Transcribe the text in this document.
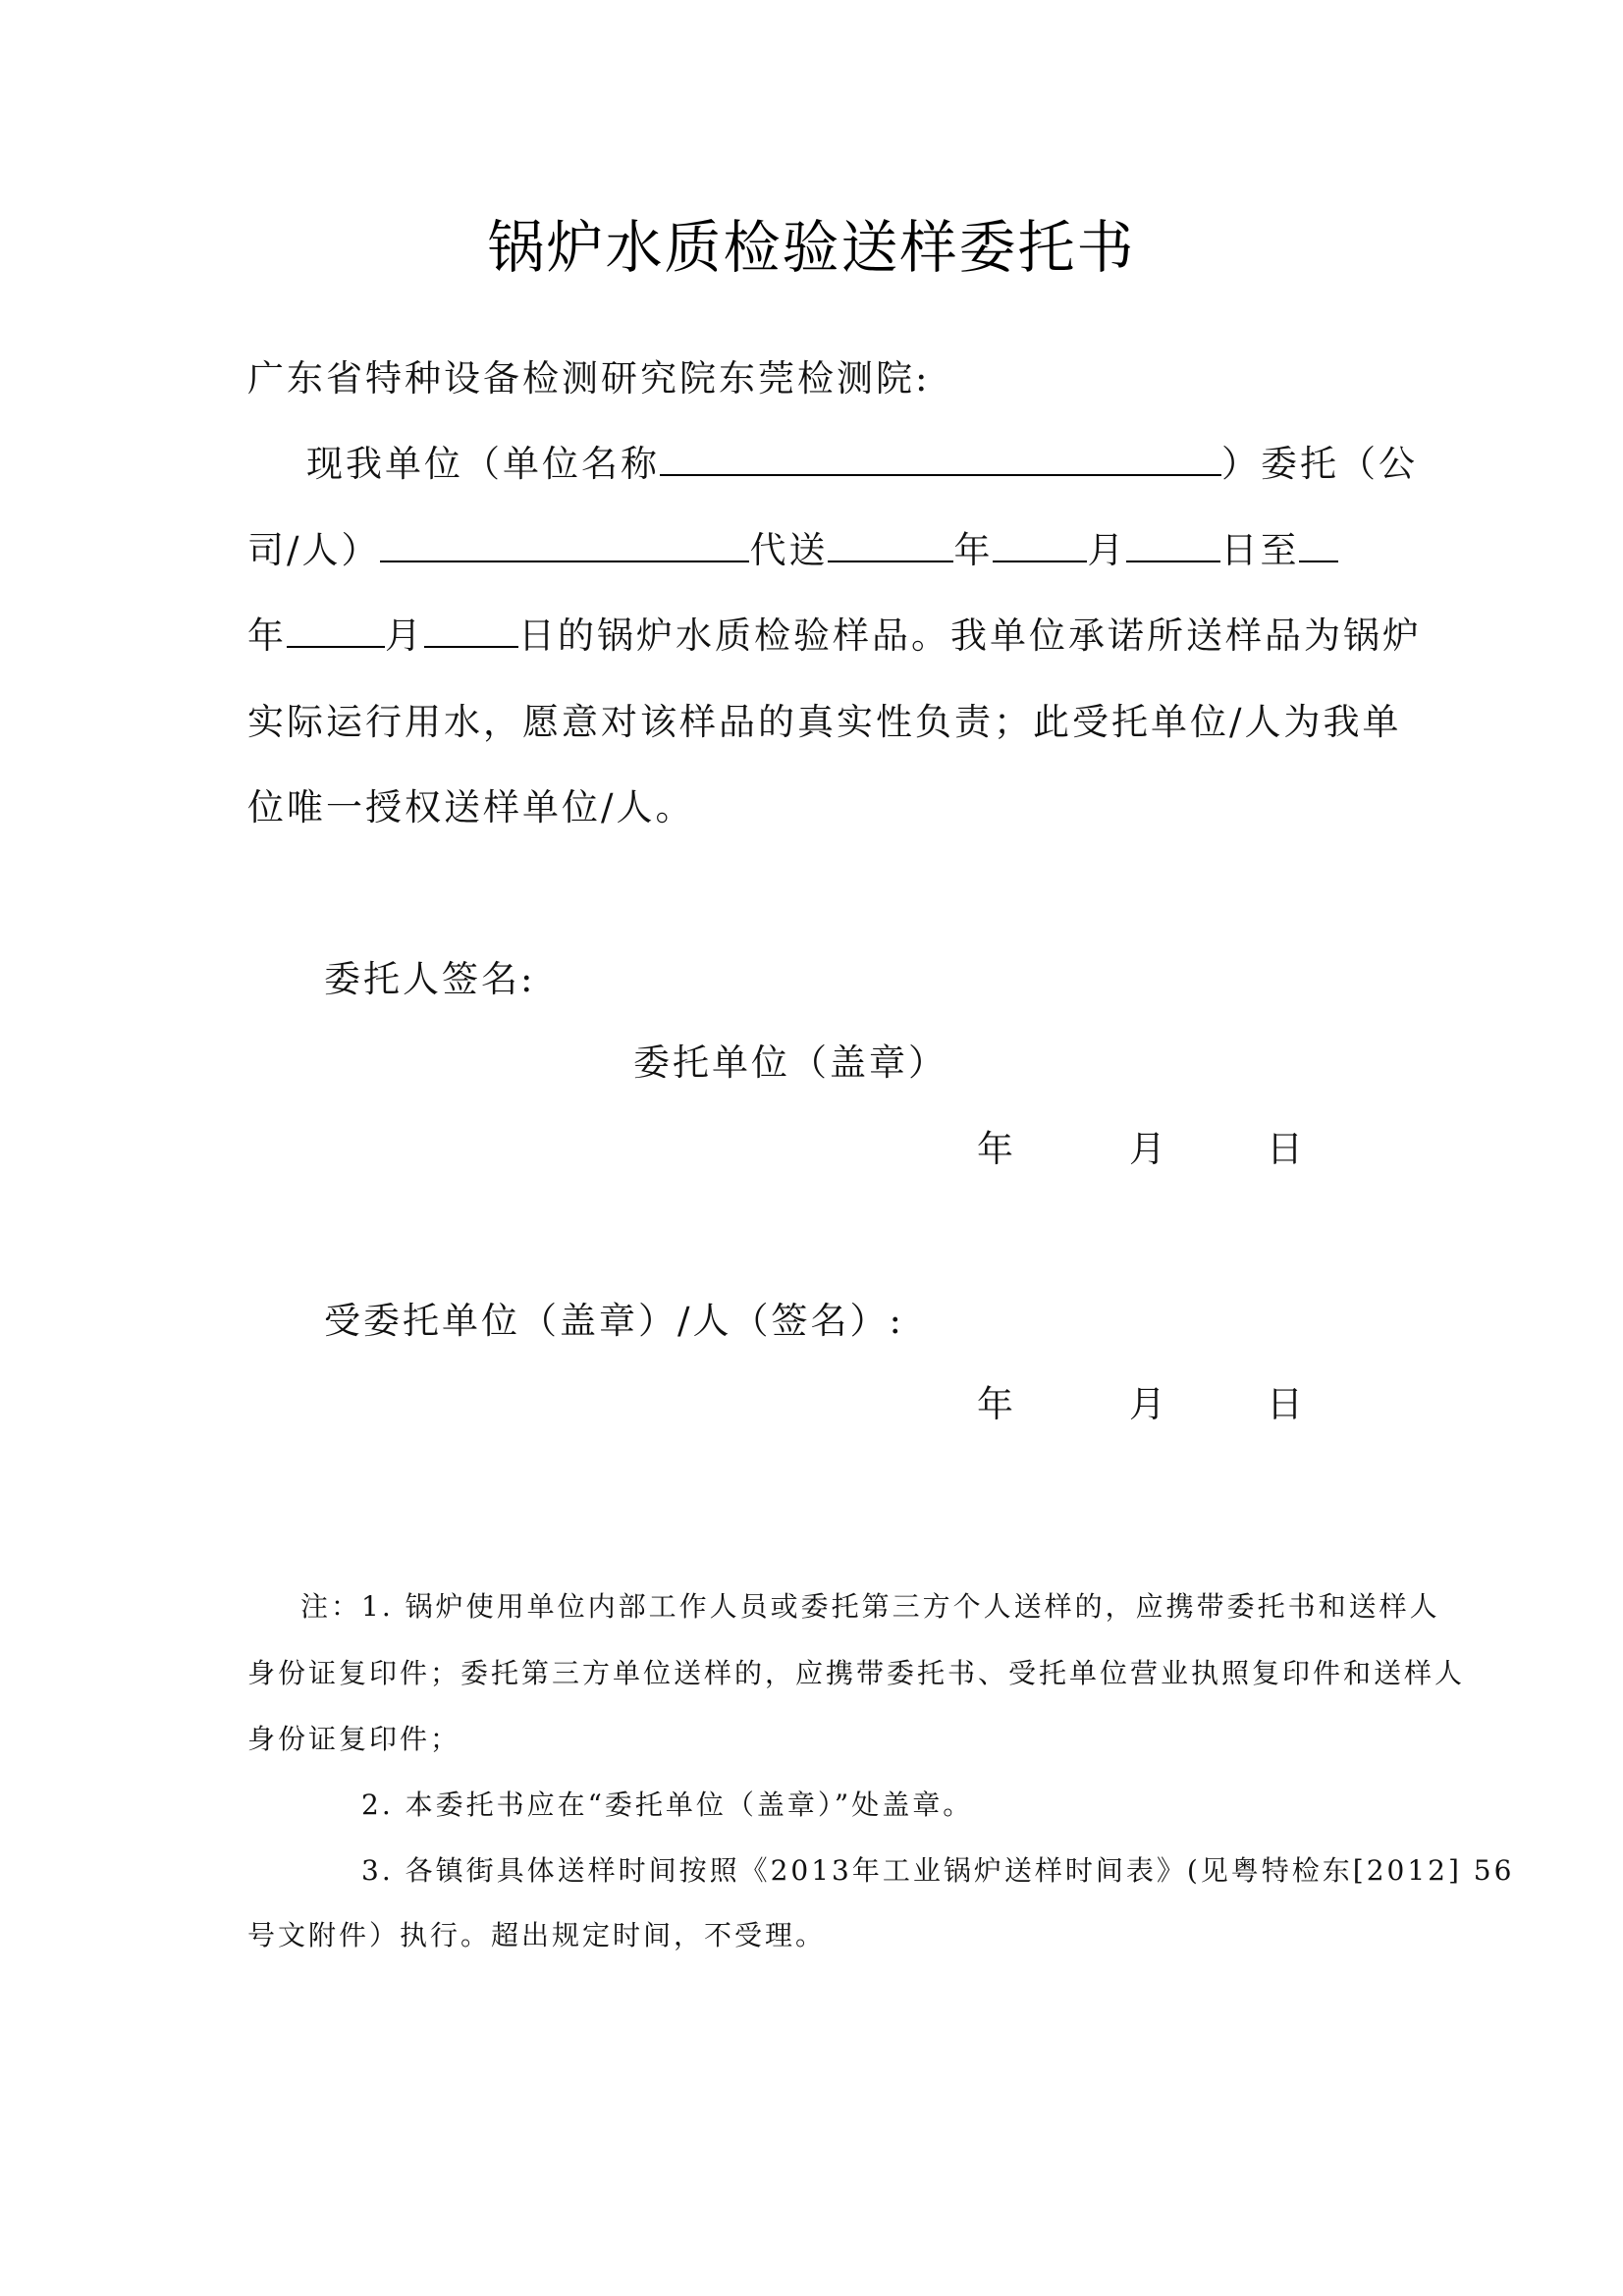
锅炉水质检验送样委托书
广东省特种设备检测研究院东莞检测院:
现我单位（单位名称	）委托（公
司/人）	代送	年	月	日至
年	月	日的锅炉水质检验样品。我单位承诺所送样品为锅炉
实际运行用水，愿意对该样品的真实性负责；此受托单位/人为我单
位唯一授权送样单位/人。
委托人签名:
委托单位（盖章）
年	月	日
受委托单位（盖章）/人（签名）:
年	月	日
注：1. 锅炉使用单位内部工作人员或委托第三方个人送样的，应携带委托书和送样人
身份证复印件；委托第三方单位送样的，应携带委托书、受托单位营业执照复印件和送样人
身份证复印件；
2. 本委托书应在“委托单位（盖章）”处盖章。
3. 各镇街具体送样时间按照《2013年工业锅炉送样时间表》(见粤特检东[2012] 56
号文附件）执行。超出规定时间，不受理。
